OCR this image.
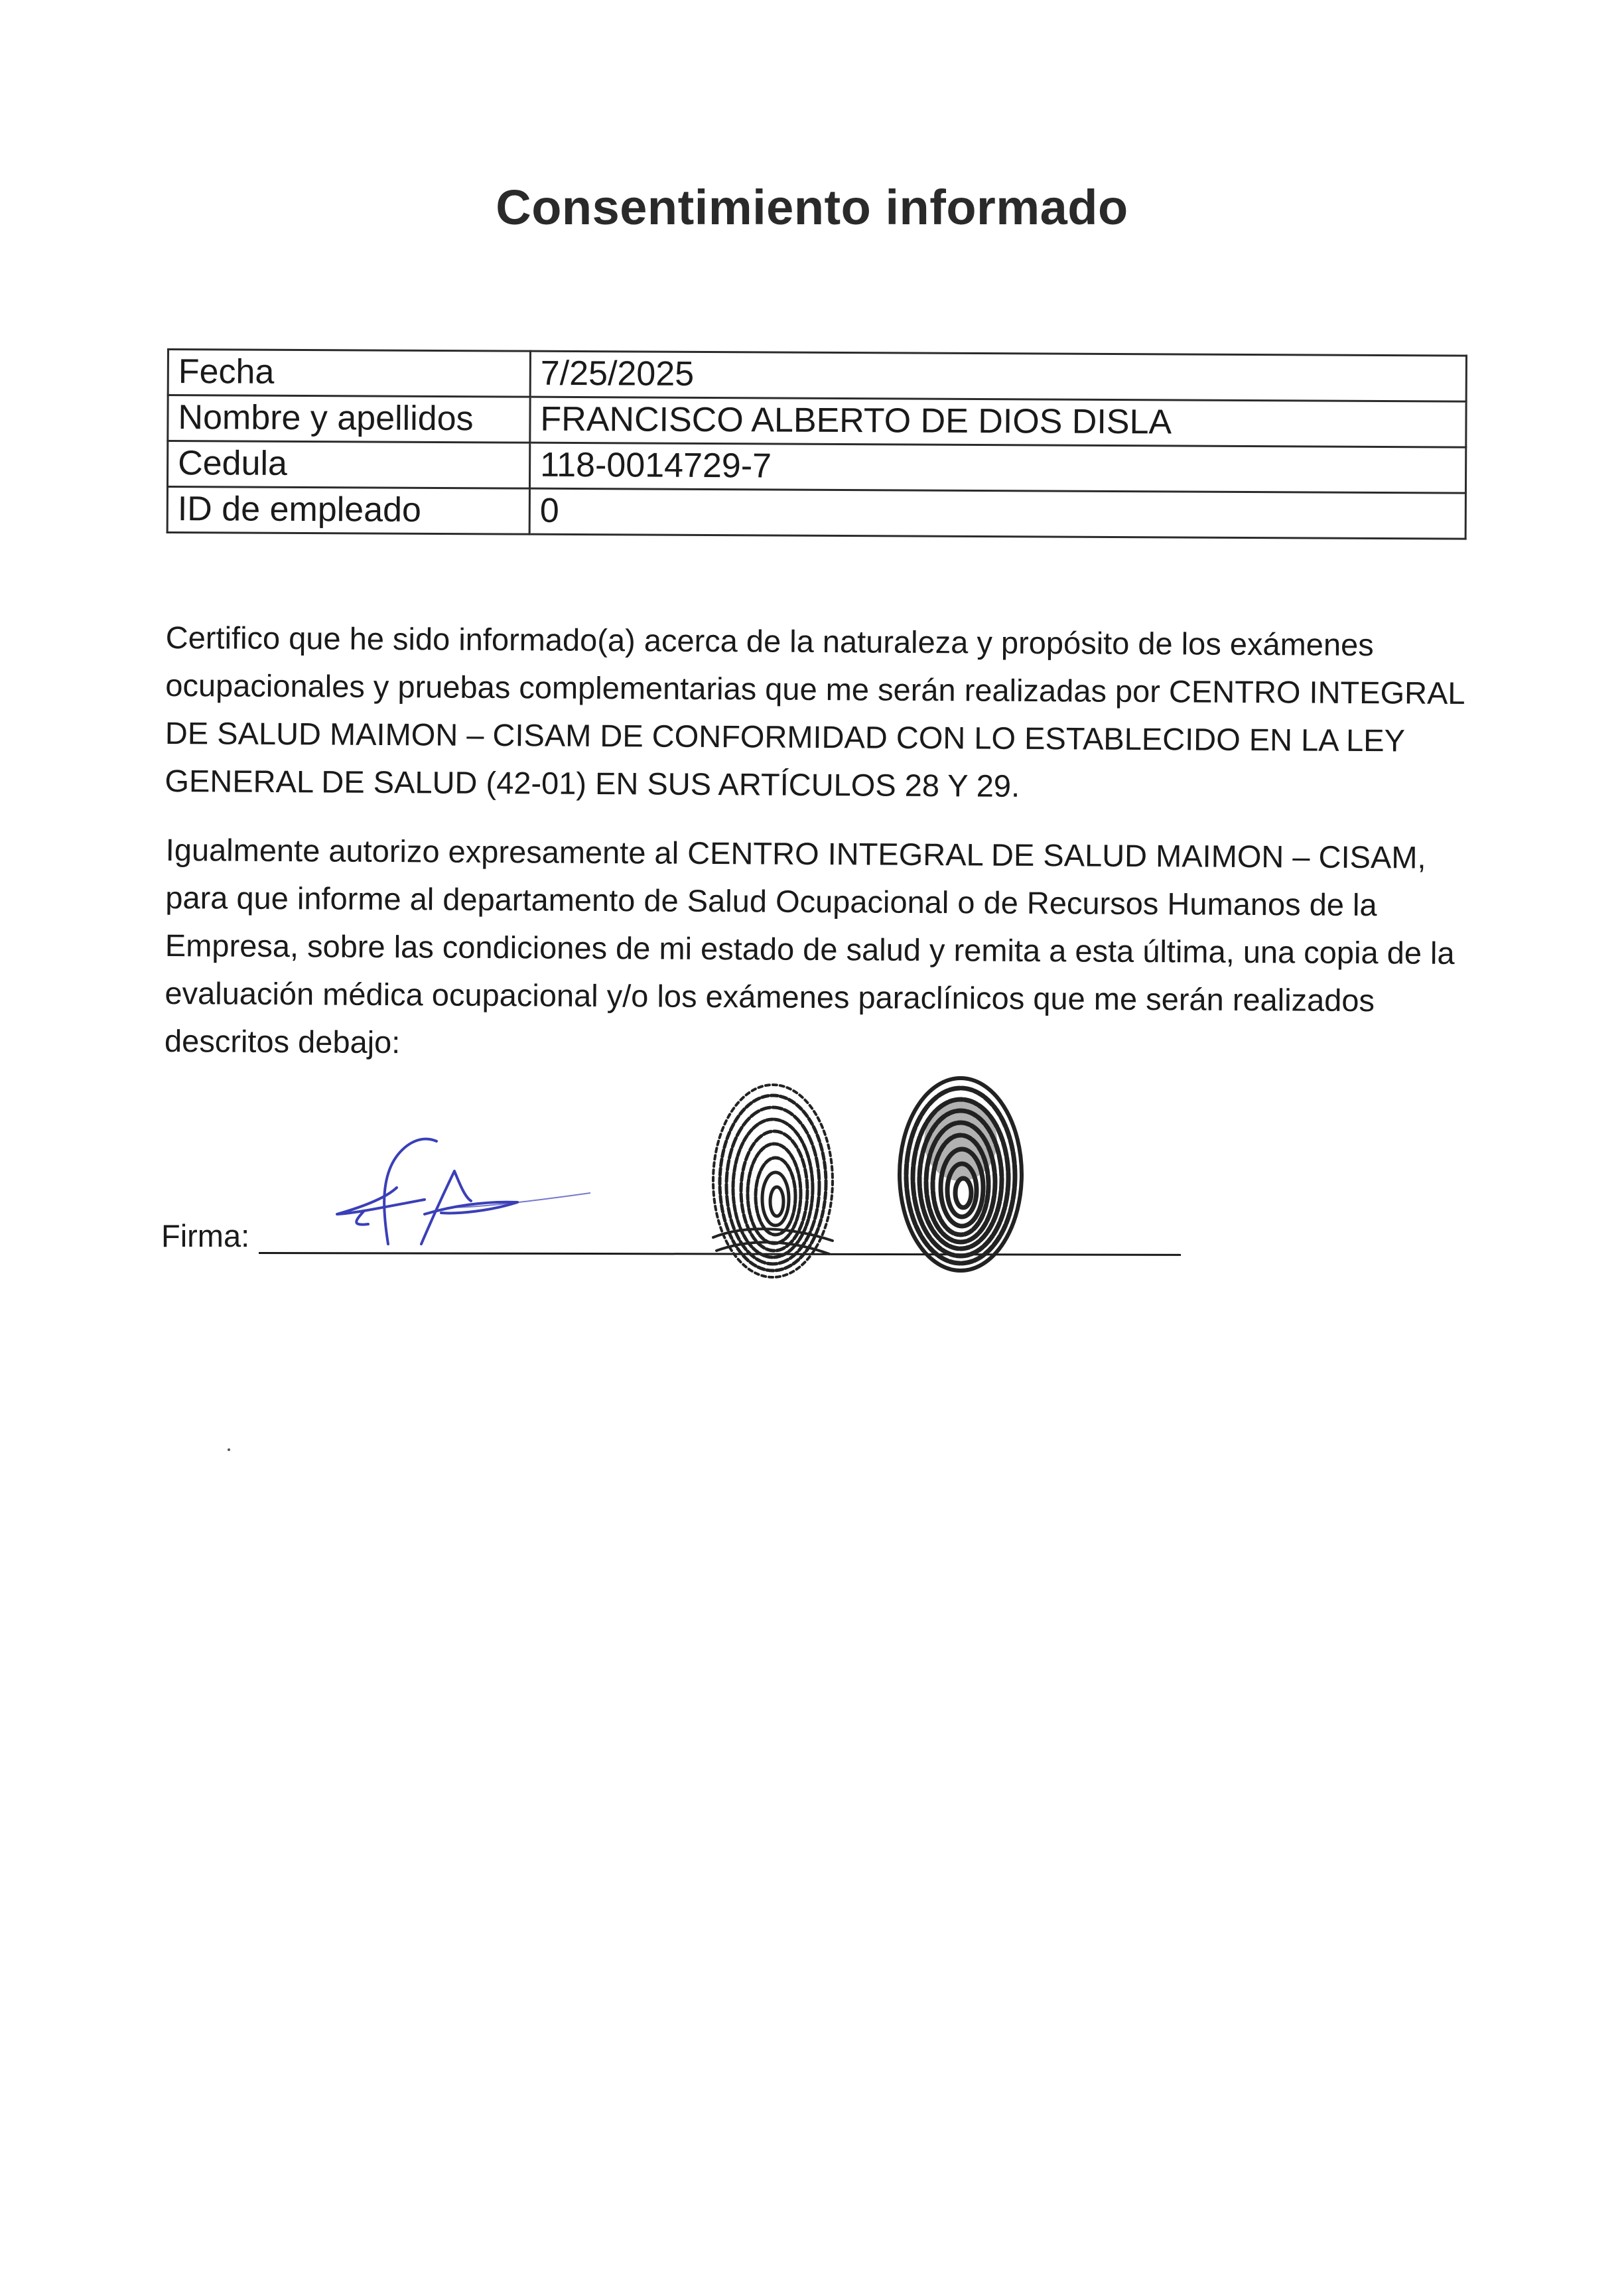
Consentimiento informado
Fecha	7/25/2025
Nombre y apellidos	FRANCISCO ALBERTO DE DIOS DISLA
Cedula	118-0014729-7
ID de empleado	0

Certifico que he sido informado(a) acerca de la naturaleza y propósito de los exámenes ocupacionales y pruebas complementarias que me serán realizadas por CENTRO INTEGRAL DE SALUD MAIMON – CISAM DE CONFORMIDAD CON LO ESTABLECIDO EN LA LEY GENERAL DE SALUD (42-01) EN SUS ARTÍCULOS 28 Y 29.

Igualmente autorizo expresamente al CENTRO INTEGRAL DE SALUD MAIMON – CISAM, para que informe al departamento de Salud Ocupacional o de Recursos Humanos de la Empresa, sobre las condiciones de mi estado de salud y remita a esta última, una copia de la evaluación médica ocupacional y/o los exámenes paraclínicos que me serán realizados descritos debajo:

Firma:
